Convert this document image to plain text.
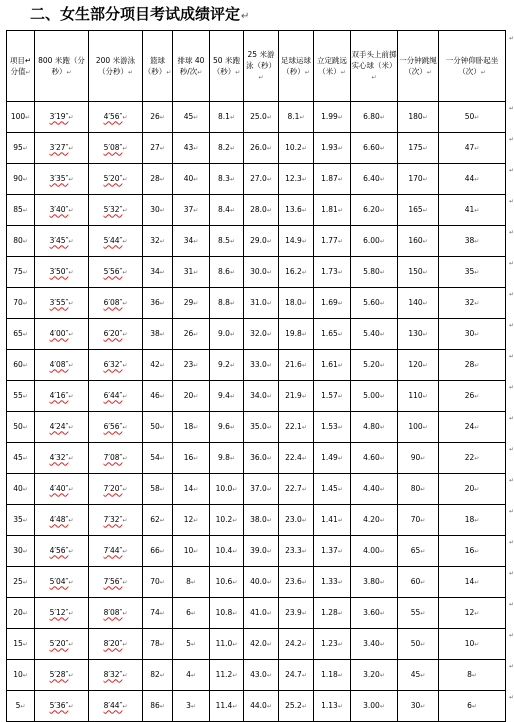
二、女生部分项目考试成绩评定↵
项目↵分值↵	800 米跑（分秒）↵	200 米游泳（分秒）↵	篮球（秒）↵	排球 40 秒/次↵	50 米跑（秒）↵	25 米游泳（秒）↵	足球运球（秒）↵	立定跳远（米）↵	双手头上前掷实心球（米）↵	一分钟跳绳（次）↵	一分钟仰卧起坐（次）↵
↵

100↵	3′19″↵	4′56″↵	26↵	45↵	8.1↵	25.0↵	8.1↵	1.99↵	6.80↵	180↵	50↵
↵

95↵	3′27″↵	5′08″↵	27↵	43↵	8.2↵	26.0↵	10.2↵	1.93↵	6.60↵	175↵	47↵
↵

90↵	3′35″↵	5′20″↵	28↵	40↵	8.3↵	27.0↵	12.3↵	1.87↵	6.40↵	170↵	44↵
↵

85↵	3′40″↵	5′32″↵	30↵	37↵	8.4↵	28.0↵	13.6↵	1.81↵	6.20↵	165↵	41↵
↵

80↵	3′45″↵	5′44″↵	32↵	34↵	8.5↵	29.0↵	14.9↵	1.77↵	6.00↵	160↵	38↵
↵

75↵	3′50″↵	5′56″↵	34↵	31↵	8.6↵	30.0↵	16.2↵	1.73↵	5.80↵	150↵	35↵
↵

70↵	3′55″↵	6′08″↵	36↵	29↵	8.8↵	31.0↵	18.0↵	1.69↵	5.60↵	140↵	32↵
↵

65↵	4′00″↵	6′20″↵	38↵	26↵	9.0↵	32.0↵	19.8↵	1.65↵	5.40↵	130↵	30↵
↵

60↵	4′08″↵	6′32″↵	42↵	23↵	9.2↵	33.0↵	21.6↵	1.61↵	5.20↵	120↵	28↵
↵

55↵	4′16″↵	6′44″↵	46↵	20↵	9.4↵	34.0↵	21.9↵	1.57↵	5.00↵	110↵	26↵
↵

50↵	4′24″↵	6′56″↵	50↵	18↵	9.6↵	35.0↵	22.1↵	1.53↵	4.80↵	100↵	24↵
↵

45↵	4′32″↵	7′08″↵	54↵	16↵	9.8↵	36.0↵	22.4↵	1.49↵	4.60↵	90↵	22↵
↵

40↵	4′40″↵	7′20″↵	58↵	14↵	10.0↵	37.0↵	22.7↵	1.45↵	4.40↵	80↵	20↵
↵

35↵	4′48″↵	7′32″↵	62↵	12↵	10.2↵	38.0↵	23.0↵	1.41↵	4.20↵	70↵	18↵
↵

30↵	4′56″↵	7′44″↵	66↵	10↵	10.4↵	39.0↵	23.3↵	1.37↵	4.00↵	65↵	16↵
↵

25↵	5′04″↵	7′56″↵	70↵	8↵	10.6↵	40.0↵	23.6↵	1.33↵	3.80↵	60↵	14↵
↵

20↵	5′12″↵	8′08″↵	74↵	6↵	10.8↵	41.0↵	23.9↵	1.28↵	3.60↵	55↵	12↵
↵

15↵	5′20″↵	8′20″↵	78↵	5↵	11.0↵	42.0↵	24.2↵	1.23↵	3.40↵	50↵	10↵
↵

10↵	5′28″↵	8′32″↵	82↵	4↵	11.2↵	43.0↵	24.7↵	1.18↵	3.20↵	45↵	8↵
↵

5↵	5′36″↵	8′44″↵	86↵	3↵	11.4↵	44.0↵	25.2↵	1.13↵	3.00↵	30↵	6↵
↵
